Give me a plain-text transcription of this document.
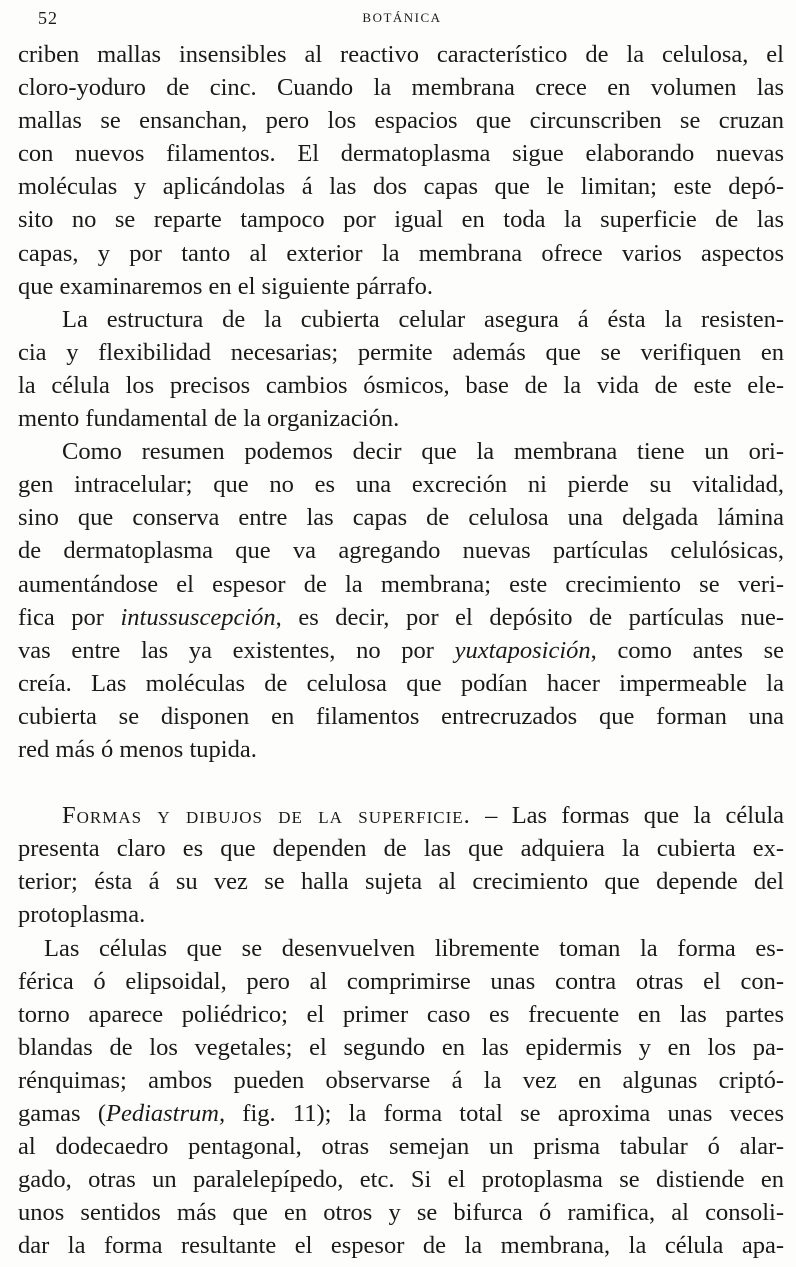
52	BOTÁNICA
criben mallas insensibles al reactivo característico de la celulosa, el
cloro-yoduro de cinc. Cuando la membrana crece en volumen las
mallas se ensanchan, pero los espacios que circunscriben se cruzan
con nuevos filamentos. El dermatoplasma sigue elaborando nuevas
moléculas y aplicándolas á las dos capas que le limitan; este depó-
sito no se reparte tampoco por igual en toda la superficie de las
capas, y por tanto al exterior la membrana ofrece varios aspectos
que examinaremos en el siguiente párrafo.
La estructura de la cubierta celular asegura á ésta la resisten-
cia y flexibilidad necesarias; permite además que se verifiquen en
la célula los precisos cambios ósmicos, base de la vida de este ele-
mento fundamental de la organización.
Como resumen podemos decir que la membrana tiene un ori-
gen intracelular; que no es una excreción ni pierde su vitalidad,
sino que conserva entre las capas de celulosa una delgada lámina
de dermatoplasma que va agregando nuevas partículas celulósicas,
aumentándose el espesor de la membrana; este crecimiento se veri-
fica por intussuscepción, es decir, por el depósito de partículas nue-
vas entre las ya existentes, no por yuxtaposición, como antes se
creía. Las moléculas de celulosa que podían hacer impermeable la
cubierta se disponen en filamentos entrecruzados que forman una
red más ó menos tupida.
Formas y dibujos de la superficie. – Las formas que la célula
presenta claro es que dependen de las que adquiera la cubierta ex-
terior; ésta á su vez se halla sujeta al crecimiento que depende del
protoplasma.
Las células que se desenvuelven libremente toman la forma es-
férica ó elipsoidal, pero al comprimirse unas contra otras el con-
torno aparece poliédrico; el primer caso es frecuente en las partes
blandas de los vegetales; el segundo en las epidermis y en los pa-
rénquimas; ambos pueden observarse á la vez en algunas criptó-
gamas (Pediastrum, fig. 11); la forma total se aproxima unas veces
al dodecaedro pentagonal, otras semejan un prisma tabular ó alar-
gado, otras un paralelepípedo, etc. Si el protoplasma se distiende en
unos sentidos más que en otros y se bifurca ó ramifica, al consoli-
dar la forma resultante el espesor de la membrana, la célula apa-
